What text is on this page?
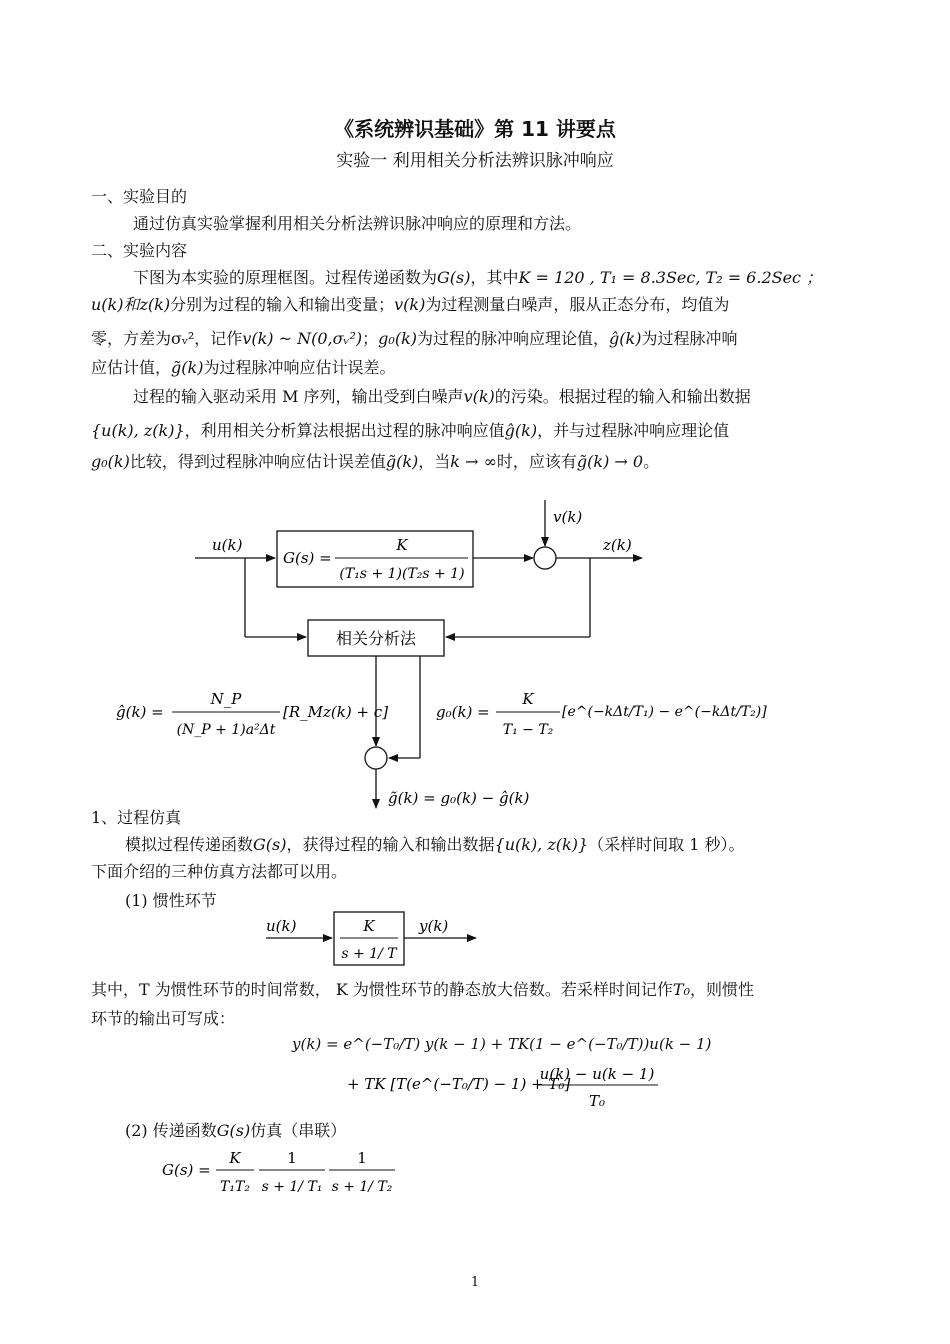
《系统辨识基础》第 11 讲要点
实验一 利用相关分析法辨识脉冲响应
一、实验目的
通过仿真实验掌握利用相关分析法辨识脉冲响应的原理和方法。
二、实验内容
下图为本实验的原理框图。过程传递函数为G(s)，其中K = 120 , T₁ = 8.3Sec, T₂ = 6.2Sec ；
u(k)和z(k)分别为过程的输入和输出变量；v(k)为过程测量白噪声，服从正态分布，均值为
零，方差为σᵥ²，记作v(k) ~ N(0,σᵥ²)；g₀(k)为过程的脉冲响应理论值，ĝ(k)为过程脉冲响
应估计值，g̃(k)为过程脉冲响应估计误差。
过程的输入驱动采用 M 序列，输出受到白噪声v(k)的污染。根据过程的输入和输出数据
{u(k), z(k)}，利用相关分析算法根据出过程的脉冲响应值ĝ(k)，并与过程脉冲响应理论值
g₀(k)比较，得到过程脉冲响应估计误差值g̃(k)，当k → ∞时，应该有g̃(k) → 0。
v(k)
u(k)
G(s) =
K
(T₁s + 1)(T₂s + 1)
z(k)
相关分析法
ĝ(k) =
N_P
(N_P + 1)a²Δt
[R_Mz(k) + c]	g₀(k) =
K
T₁ − T₂
[e^(−kΔt/T₁) − e^(−kΔt/T₂)]
g̃(k) = g₀(k) − ĝ(k)
1、过程仿真
模拟过程传递函数G(s)，获得过程的输入和输出数据{u(k), z(k)}（采样时间取 1 秒）。
下面介绍的三种仿真方法都可以用。
(1) 惯性环节
u(k)	K
s + 1/ T
y(k)
其中，T 为惯性环节的时间常数， K 为惯性环节的静态放大倍数。若采样时间记作T₀，则惯性
环节的输出可写成：
y(k) = e^(−T₀/T) y(k − 1) + TK(1 − e^(−T₀/T))u(k − 1)
+ TK [T(e^(−T₀/T) − 1) + T₀]
u(k) − u(k − 1)
T₀
(2) 传递函数G(s)仿真（串联）
G(s) =
K
T₁T₂
1
s + 1/ T₁
1
s + 1/ T₂
1
